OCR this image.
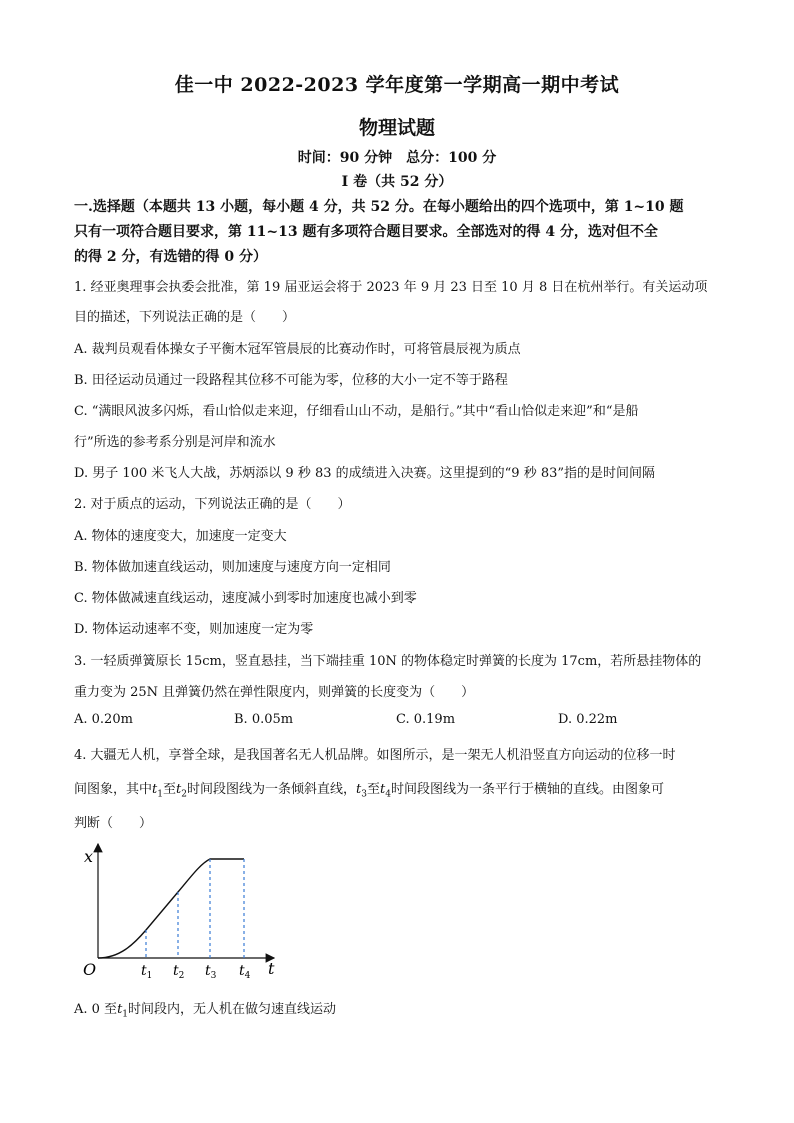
佳一中 2022-2023 学年度第一学期高一期中考试
物理试题
时间：90 分钟　总分：100 分
I 卷（共 52 分）
一.选择题（本题共 13 小题，每小题 4 分，共 52 分。在每小题给出的四个选项中，第 1~10 题
只有一项符合题目要求，第 11~13 题有多项符合题目要求。全部选对的得 4 分，选对但不全
的得 2 分，有选错的得 0 分）
1. 经亚奥理事会执委会批准，第 19 届亚运会将于 2023 年 9 月 23 日至 10 月 8 日在杭州举行。有关运动项
目的描述，下列说法正确的是（　　）
A. 裁判员观看体操女子平衡木冠军管晨辰的比赛动作时，可将管晨辰视为质点
B. 田径运动员通过一段路程其位移不可能为零，位移的大小一定不等于路程
C. “满眼风波多闪烁，看山恰似走来迎，仔细看山山不动，是船行。”其中“看山恰似走来迎”和“是船
行”所选的参考系分别是河岸和流水
D. 男子 100 米飞人大战，苏炳添以 9 秒 83 的成绩进入决赛。这里提到的“9 秒 83”指的是时间间隔
2. 对于质点的运动，下列说法正确的是（　　）
A. 物体的速度变大，加速度一定变大
B. 物体做加速直线运动，则加速度与速度方向一定相同
C. 物体做减速直线运动，速度减小到零时加速度也减小到零
D. 物体运动速率不变，则加速度一定为零
3. 一轻质弹簧原长 15cm，竖直悬挂，当下端挂重 10N 的物体稳定时弹簧的长度为 17cm，若所悬挂物体的
重力变为 25N 且弹簧仍然在弹性限度内，则弹簧的长度变为（　　）
A. 0.20m	B. 0.05m	C. 0.19m	D. 0.22m
4. 大疆无人机，享誉全球，是我国著名无人机品牌。如图所示，是一架无人机沿竖直方向运动的位移一时
间图象，其中$t_1$至$t_2$时间段图线为一条倾斜直线，$t_3$至$t_4$时间段图线为一条平行于横轴的直线。由图象可
判断（　　）
x
t
O	$t_1$ $t_2$ $t_3$ $t_4$
A. 0 至$t_1$时间段内，无人机在做匀速直线运动
